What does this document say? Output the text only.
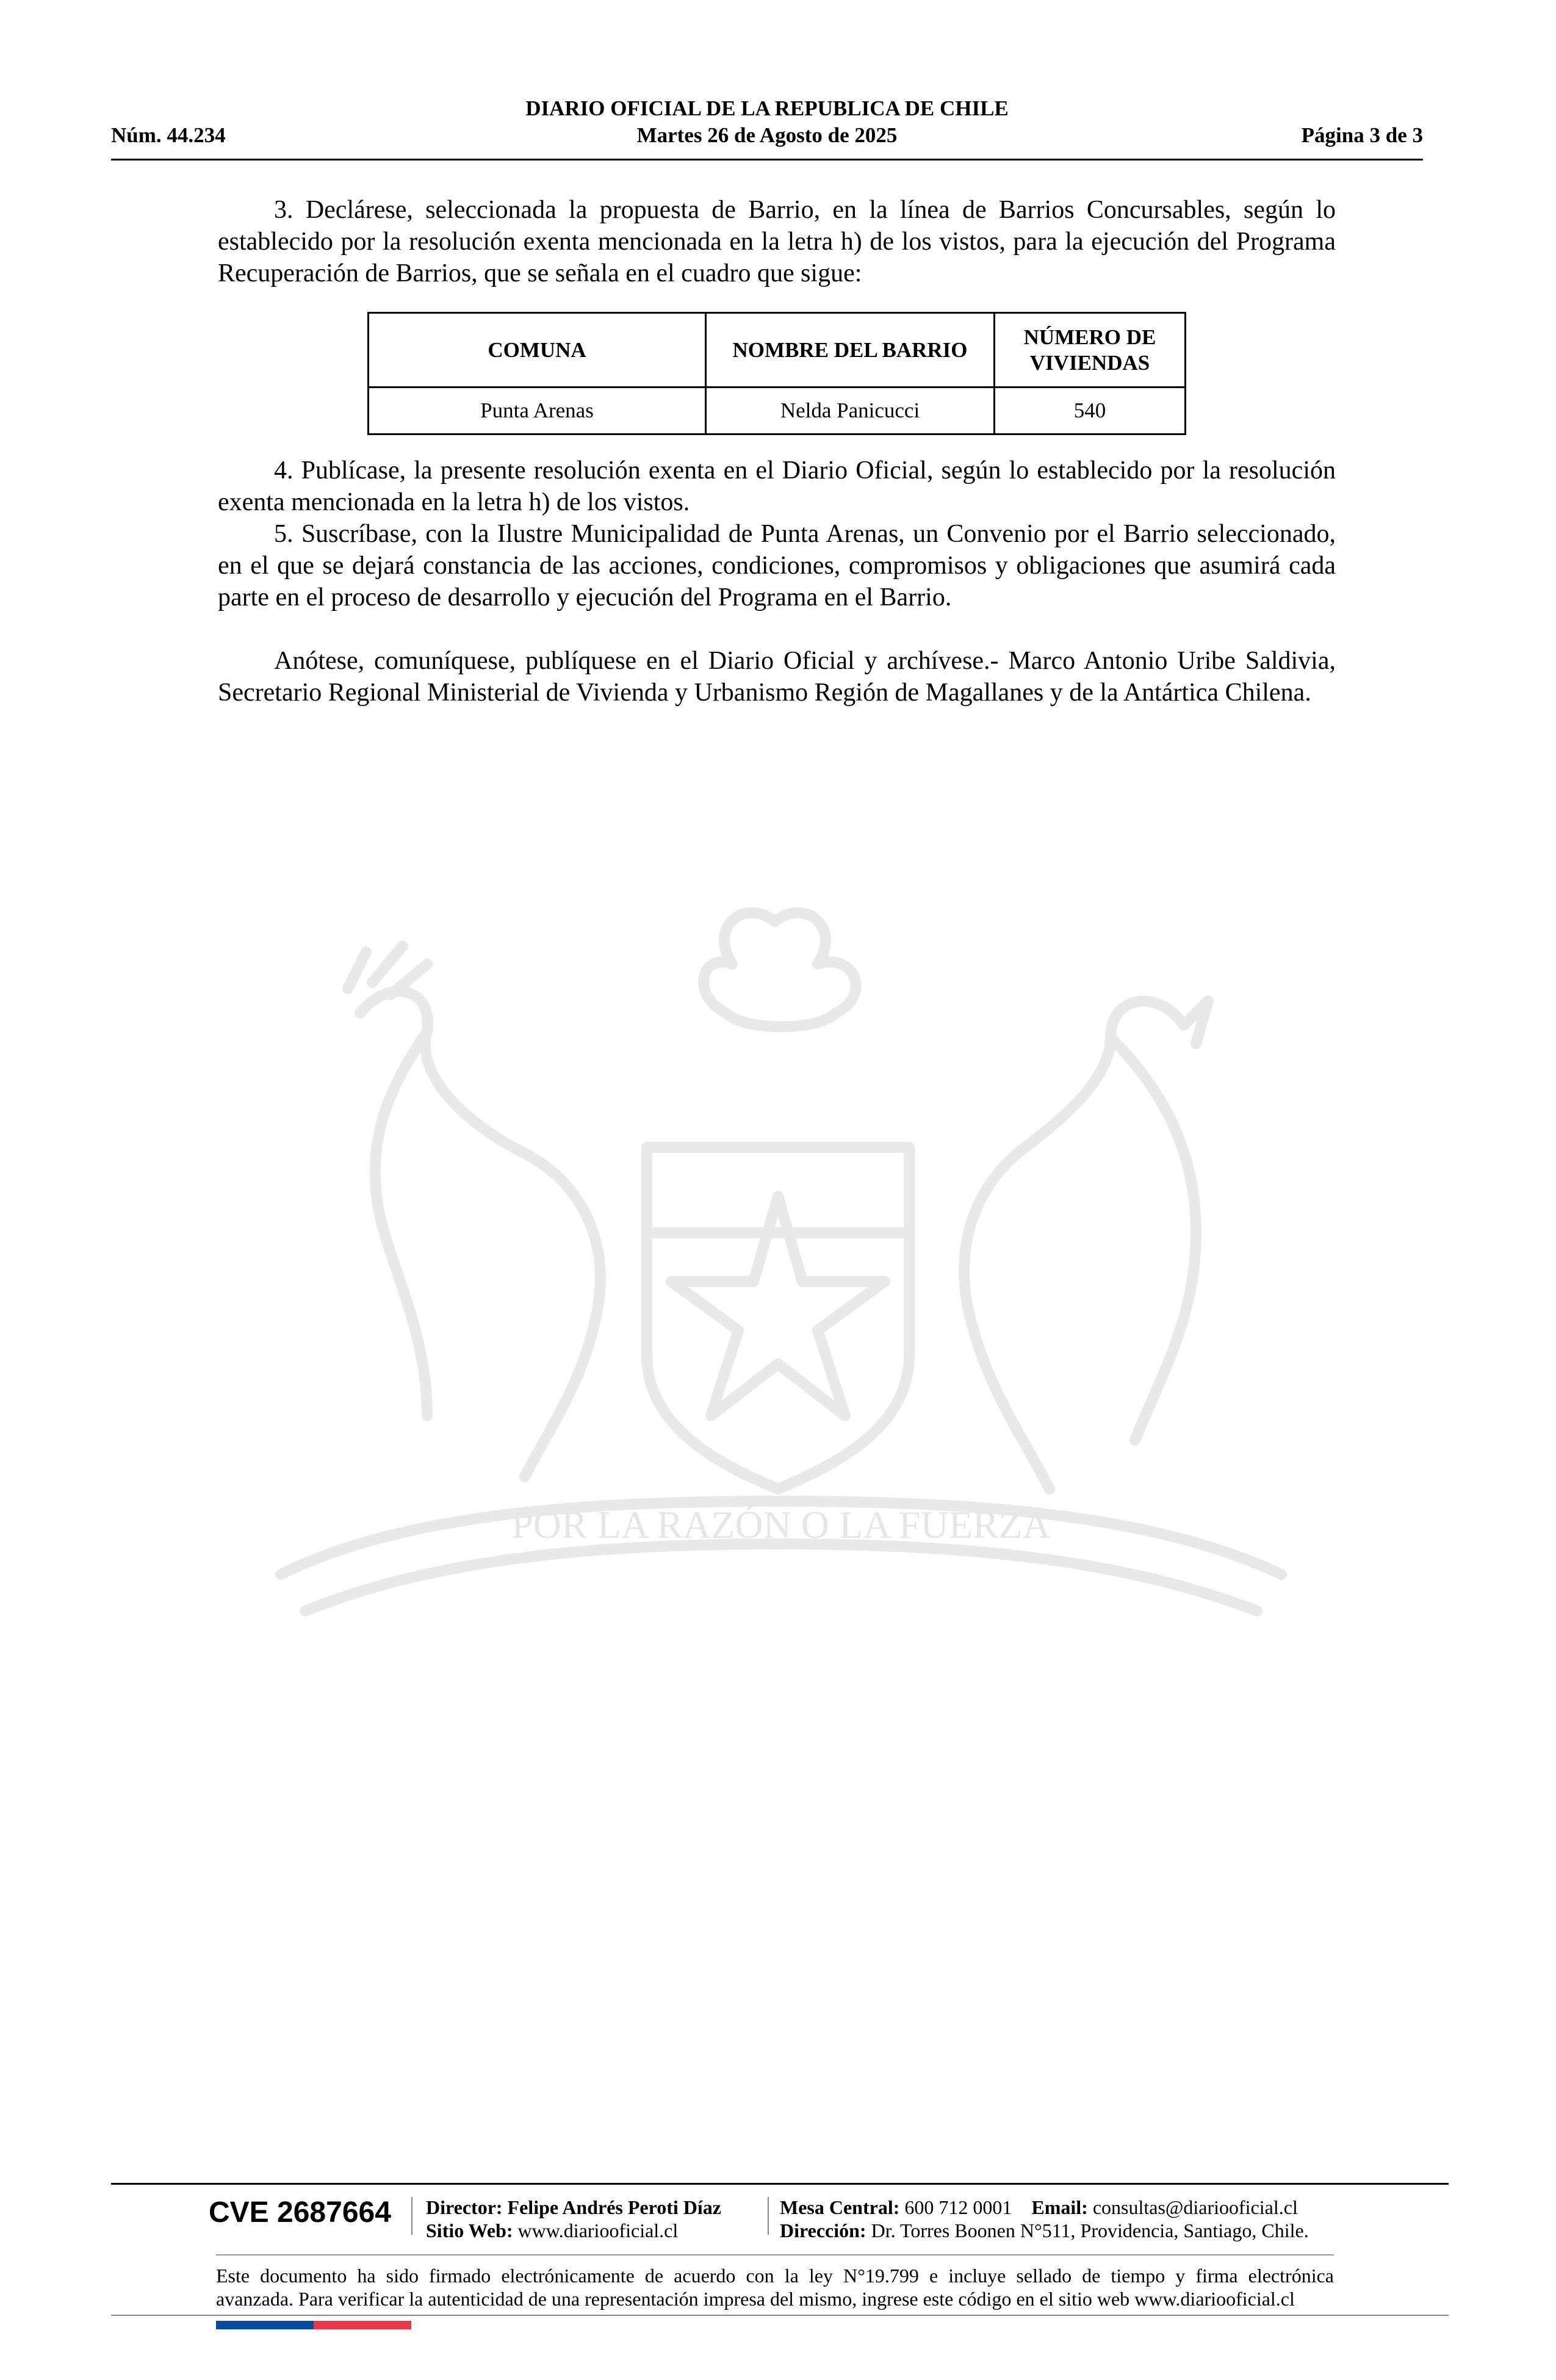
DIARIO OFICIAL DE LA REPUBLICA DE CHILE
Núm. 44.234	Martes 26 de Agosto de 2025	Página 3 de 3
POR LA RAZÓN O LA FUERZA

3. Declárese, seleccionada la propuesta de Barrio, en la línea de Barrios Concursables, según lo establecido por la resolución exenta mencionada en la letra h) de los vistos, para la ejecución del Programa Recuperación de Barrios, que se señala en el cuadro que sigue:

COMUNA	NOMBRE DEL BARRIO	NÚMERO DE VIVIENDAS
Punta Arenas	Nelda Panicucci	540

4. Publícase, la presente resolución exenta en el Diario Oficial, según lo establecido por la resolución exenta mencionada en la letra h) de los vistos.

5. Suscríbase, con la Ilustre Municipalidad de Punta Arenas, un Convenio por el Barrio seleccionado, en el que se dejará constancia de las acciones, condiciones, compromisos y obligaciones que asumirá cada parte en el proceso de desarrollo y ejecución del Programa en el Barrio.

Anótese, comuníquese, publíquese en el Diario Oficial y archívese.- Marco Antonio Uribe Saldivia, Secretario Regional Ministerial de Vivienda y Urbanismo Región de Magallanes y de la Antártica Chilena.

CVE 2687664 Director: Felipe Andrés Peroti Díaz
Sitio Web: www.diariooficial.cl
Mesa Central: 600 712 0001 Email: consultas@diariooficial.cl
Dirección: Dr. Torres Boonen N°511, Providencia, Santiago, Chile.
Este documento ha sido firmado electrónicamente de acuerdo con la ley N°19.799 e incluye sellado de tiempo y firma electrónica
avanzada. Para verificar la autenticidad de una representación impresa del mismo, ingrese este código en el sitio web www.diariooficial.cl
